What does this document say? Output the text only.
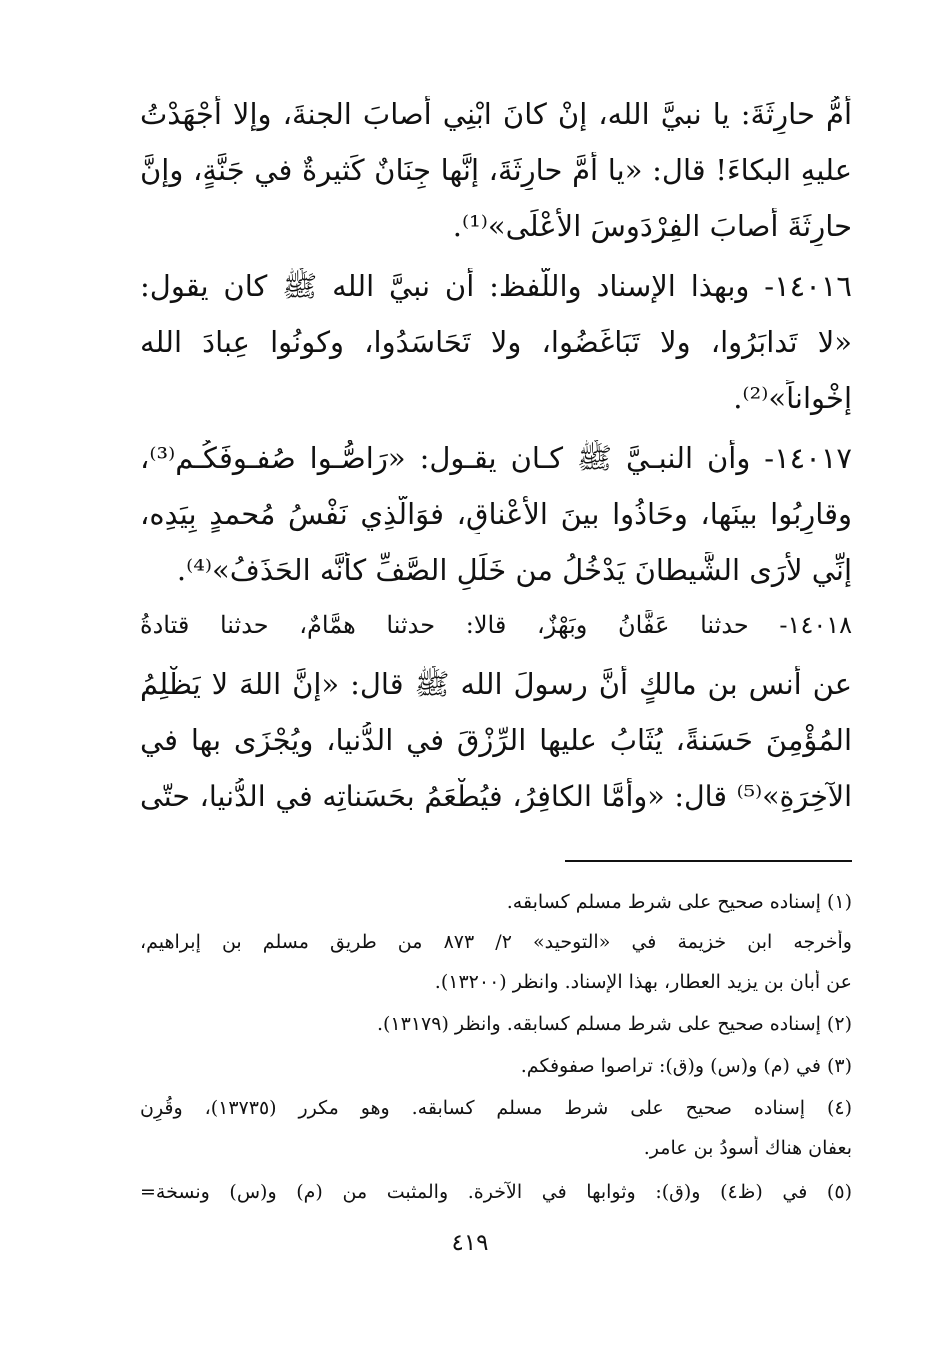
أُمُّ حارِثَةَ: يا نبيَّ الله، إنْ كانَ ابْنِي أَصابَ الجنةَ، وإلا أَجْهَدْتُ
عليهِ البكاءَ! قال: «يا أُمَّ حارِثَةَ، إنَّها جِنَانٌ كَثيرةٌ في جَنَّةٍ، وإنَّ
حارِثَةَ أَصابَ الفِرْدَوسَ الأَعْلَى»⁽¹⁾.
١٤٠١٦- وبهذا الإسناد واللَّفظ: أن نبيَّ الله ﷺ كان يقول:
«لا تَدابَرُوا، ولا تَبَاغَضُوا، ولا تَحَاسَدُوا، وكونُوا عِبادَ الله
إخْواناً»⁽²⁾.
١٤٠١٧- وأن النبـيَّ ﷺ كـان يقـول: «رَاصُّـوا صُفـوفَكُـم⁽³⁾،
وقارِبُوا بينَها، وحَاذُوا بينَ الأَعْناقِ، فوَالَّذِي نَفْسُ مُحمدٍ بِيَدِه،
إنِّي لأَرَى الشَّيطانَ يَدْخُلُ من خَلَلِ الصَّفِّ كأنَّه الحَذَفُ»⁽⁴⁾.
١٤٠١٨- حدثنا عَفَّانُ وبَهْزٌ، قالا: حدثنا همَّامٌ، حدثنا قتادةُ
عن أَنس بن مالكٍ أَنَّ رسولَ الله ﷺ قال: «إنَّ اللهَ لا يَظْلِمُ
المُؤْمِنَ حَسَنةً، يُثَابُ عليها الرِّزْقَ في الدُّنيا، ويُجْزَى بها في
الآخِرَةِ»⁽⁵⁾ قال: «وأمَّا الكافِرُ، فيُطْعَمُ بحَسَناتِه في الدُّنيا، حتّى
(١) إسناده صحيح على شرط مسلم كسابقه.
وأخرجه ابن خزيمة في «التوحيد» ٢/ ٨٧٣ من طريق مسلم بن إبراهيم،
عن أبان بن يزيد العطار، بهذا الإسناد. وانظر (١٣٢٠٠).
(٢) إسناده صحيح على شرط مسلم كسابقه. وانظر (١٣١٧٩).
(٣) في (م) و(س) و(ق): تراصوا صفوفكم.
(٤) إسناده صحيح على شرط مسلم كسابقه. وهو مكرر (١٣٧٣٥)، وقُرِن
بعفان هناك أسودُ بن عامر.
(٥) في (ظ٤) و(ق): وثوابها في الآخرة. والمثبت من (م) و(س) ونسخة=
٤١٩
